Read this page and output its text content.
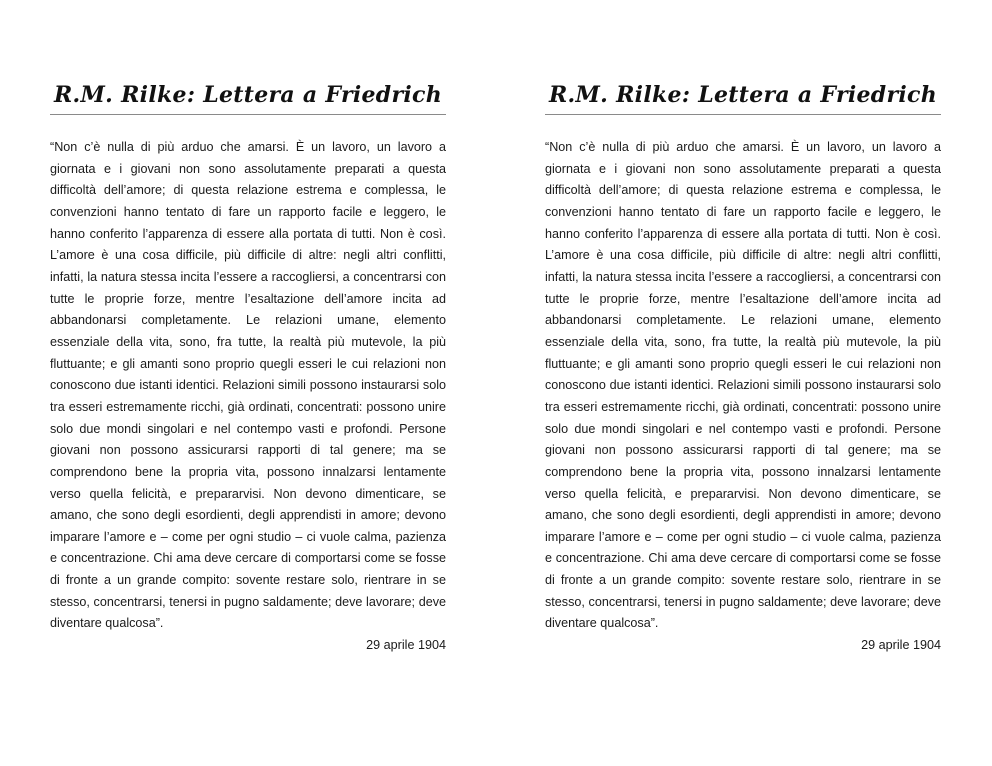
R.M. Rilke: Lettera a Friedrich

“Non c’è nulla di più arduo che amarsi. È un lavoro, un lavoro a giornata e i giovani non sono assolutamente preparati a questa difficoltà dell’amore; di questa relazione estrema e complessa, le convenzioni hanno tentato di fare un rapporto facile e leggero, le hanno conferito l’apparenza di essere alla portata di tutti. Non è così. L’amore è una cosa difficile, più difficile di altre: negli altri conflitti, infatti, la natura stessa incita l’essere a raccogliersi, a concentrarsi con tutte le proprie forze, mentre l’esaltazione dell’amore incita ad abbandonarsi completamente. Le relazioni umane, elemento essenziale della vita, sono, fra tutte, la realtà più mutevole, la più fluttuante; e gli amanti sono proprio quegli esseri le cui relazioni non conoscono due istanti identici. Relazioni simili possono instaurarsi solo tra esseri estremamente ricchi, già ordinati, concentrati: possono unire solo due mondi singolari e nel contempo vasti e profondi. Persone giovani non possono assicurarsi rapporti di tal genere; ma se comprendono bene la propria vita, possono innalzarsi lentamente verso quella felicità, e prepararvisi. Non devono dimenticare, se amano, che sono degli esordienti, degli apprendisti in amore; devono imparare l’amore e – come per ogni studio – ci vuole calma, pazienza e concentrazione. Chi ama deve cercare di comportarsi come se fosse di fronte a un grande compito: sovente restare solo, rientrare in se stesso, concentrarsi, tenersi in pugno saldamente; deve lavorare; deve diventare qualcosa”.

29 aprile 1904

R.M. Rilke: Lettera a Friedrich

“Non c’è nulla di più arduo che amarsi. È un lavoro, un lavoro a giornata e i giovani non sono assolutamente preparati a questa difficoltà dell’amore; di questa relazione estrema e complessa, le convenzioni hanno tentato di fare un rapporto facile e leggero, le hanno conferito l’apparenza di essere alla portata di tutti. Non è così. L’amore è una cosa difficile, più difficile di altre: negli altri conflitti, infatti, la natura stessa incita l’essere a raccogliersi, a concentrarsi con tutte le proprie forze, mentre l’esaltazione dell’amore incita ad abbandonarsi completamente. Le relazioni umane, elemento essenziale della vita, sono, fra tutte, la realtà più mutevole, la più fluttuante; e gli amanti sono proprio quegli esseri le cui relazioni non conoscono due istanti identici. Relazioni simili possono instaurarsi solo tra esseri estremamente ricchi, già ordinati, concentrati: possono unire solo due mondi singolari e nel contempo vasti e profondi. Persone giovani non possono assicurarsi rapporti di tal genere; ma se comprendono bene la propria vita, possono innalzarsi lentamente verso quella felicità, e prepararvisi. Non devono dimenticare, se amano, che sono degli esordienti, degli apprendisti in amore; devono imparare l’amore e – come per ogni studio – ci vuole calma, pazienza e concentrazione. Chi ama deve cercare di comportarsi come se fosse di fronte a un grande compito: sovente restare solo, rientrare in se stesso, concentrarsi, tenersi in pugno saldamente; deve lavorare; deve diventare qualcosa”.

29 aprile 1904
